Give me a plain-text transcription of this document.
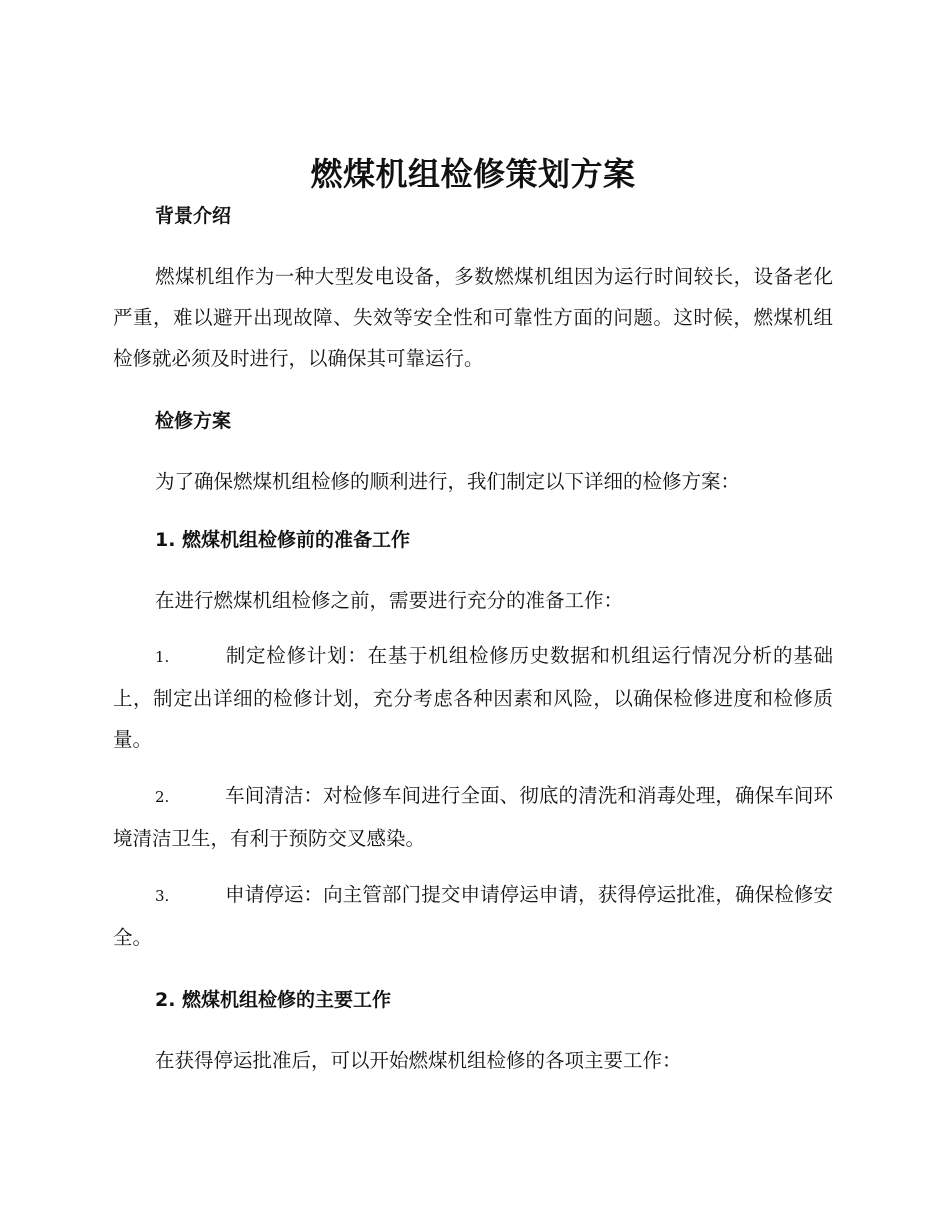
燃煤机组检修策划方案

背景介绍

燃煤机组作为一种大型发电设备，多数燃煤机组因为运行时间较长，设备老化严重，难以避开出现故障、失效等安全性和可靠性方面的问题。这时候，燃煤机组检修就必须及时进行，以确保其可靠运行。

检修方案

为了确保燃煤机组检修的顺利进行，我们制定以下详细的检修方案：

1. 燃煤机组检修前的准备工作

在进行燃煤机组检修之前，需要进行充分的准备工作：

1.	制定检修计划：在基于机组检修历史数据和机组运行情况分析的基础上，制定出详细的检修计划，充分考虑各种因素和风险，以确保检修进度和检修质量。

2.	车间清洁：对检修车间进行全面、彻底的清洗和消毒处理，确保车间环境清洁卫生，有利于预防交叉感染。

3.	申请停运：向主管部门提交申请停运申请，获得停运批准，确保检修安全。

2. 燃煤机组检修的主要工作

在获得停运批准后，可以开始燃煤机组检修的各项主要工作：
